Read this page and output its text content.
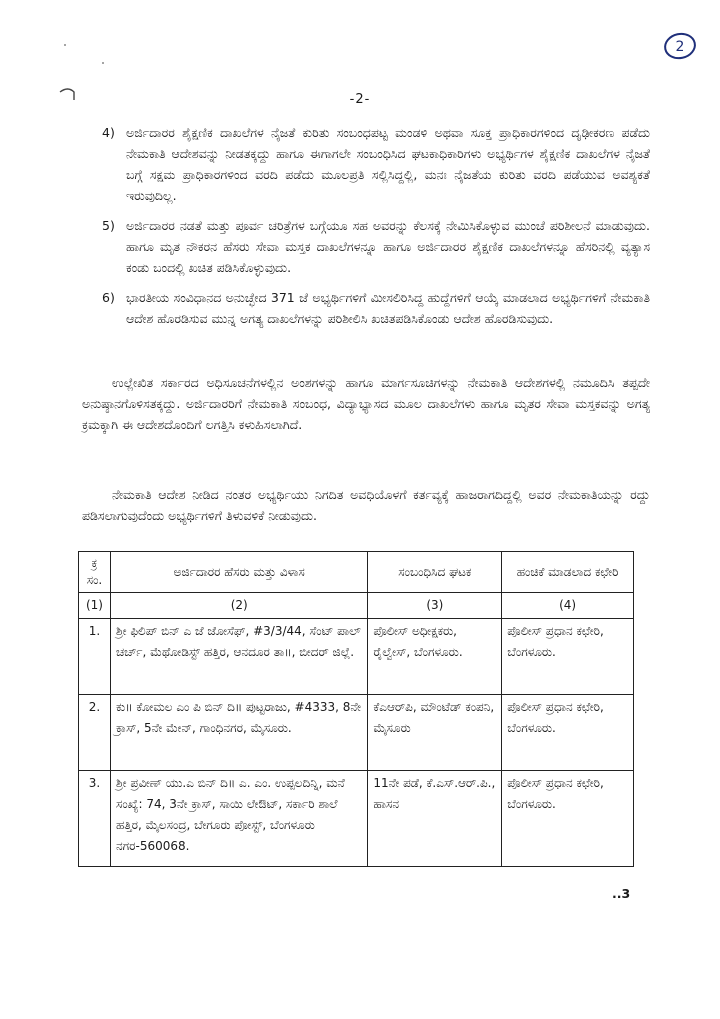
2
-2-
4) ಅರ್ಜಿದಾರರ ಶೈಕ್ಷಣಿಕ ದಾಖಲೆಗಳ ನೈಜತೆ ಕುರಿತು ಸಂಬಂಧಪಟ್ಟ ಮಂಡಳಿ ಅಥವಾ ಸೂಕ್ತ ಪ್ರಾಧಿಕಾರಗಳಿಂದ ದೃಢೀಕರಣ ಪಡೆದು ನೇಮಕಾತಿ ಆದೇಶವನ್ನು ನೀಡತಕ್ಕದ್ದು ಹಾಗೂ ಈಗಾಗಲೇ ಸಂಬಂಧಿಸಿದ ಘಟಕಾಧಿಕಾರಿಗಳು ಅಭ್ಯರ್ಥಿಗಳ ಶೈಕ್ಷಣಿಕ ದಾಖಲೆಗಳ ನೈಜತೆ ಬಗ್ಗೆ ಸಕ್ಷಮ ಪ್ರಾಧಿಕಾರಗಳಿಂದ ವರದಿ ಪಡೆದು ಮೂಲಪ್ರತಿ ಸಲ್ಲಿಸಿದ್ದಲ್ಲಿ, ಮನಃ ನೈಜತೆಯ ಕುರಿತು ವರದಿ ಪಡೆಯುವ ಅವಶ್ಯಕತೆ ಇರುವುದಿಲ್ಲ.
5) ಅರ್ಜಿದಾರರ ನಡತೆ ಮತ್ತು ಪೂರ್ವ ಚರಿತ್ರೆಗಳ ಬಗ್ಗೆಯೂ ಸಹ ಅವರನ್ನು ಕೆಲಸಕ್ಕೆ ನೇಮಿಸಿಕೊಳ್ಳುವ ಮುಂಚೆ ಪರಿಶೀಲನೆ ಮಾಡುವುದು. ಹಾಗೂ ಮೃತ ನೌಕರನ ಹೆಸರು ಸೇವಾ ಮಸ್ತಕ ದಾಖಲೆಗಳನ್ನೂ ಹಾಗೂ ಅರ್ಜಿದಾರರ ಶೈಕ್ಷಣಿಕ ದಾಖಲೆಗಳನ್ನೂ ಹೆಸರಿನಲ್ಲಿ ವ್ಯತ್ಯಾಸ ಕಂಡು ಬಂದಲ್ಲಿ ಖಚಿತ ಪಡಿಸಿಕೊಳ್ಳುವುದು.
6) ಭಾರತೀಯ ಸಂವಿಧಾನದ ಅನುಚ್ಛೇದ 371 ಜೆ ಅಭ್ಯರ್ಥಿಗಳಿಗೆ ಮೀಸಲಿರಿಸಿದ್ದ ಹುದ್ದೆಗಳಿಗೆ ಆಯ್ಕೆ ಮಾಡಲಾದ ಅಭ್ಯರ್ಥಿಗಳಿಗೆ ನೇಮಕಾತಿ ಆದೇಶ ಹೊರಡಿಸುವ ಮುನ್ನ ಅಗತ್ಯ ದಾಖಲೆಗಳನ್ನು ಪರಿಶೀಲಿಸಿ ಖಚಿತಪಡಿಸಿಕೊಂಡು ಆದೇಶ ಹೊರಡಿಸುವುದು.

ಉಲ್ಲೇಖಿತ ಸರ್ಕಾರದ ಅಧಿಸೂಚನೆಗಳಲ್ಲಿನ ಅಂಶಗಳನ್ನು ಹಾಗೂ ಮಾರ್ಗಸೂಚಿಗಳನ್ನು ನೇಮಕಾತಿ ಆದೇಶಗಳಲ್ಲಿ ನಮೂದಿಸಿ ತಪ್ಪದೇ ಅನುಷ್ಠಾನಗೊಳಿಸತಕ್ಕದ್ದು. ಅರ್ಜಿದಾರರಿಗೆ ನೇಮಕಾತಿ ಸಂಬಂಧ, ವಿದ್ಯಾಭ್ಯಾಸದ ಮೂಲ ದಾಖಲೆಗಳು ಹಾಗೂ ಮೃತರ ಸೇವಾ ಮಸ್ತಕವನ್ನು ಅಗತ್ಯ ಕ್ರಮಕ್ಕಾಗಿ ಈ ಆದೇಶದೊಂದಿಗೆ ಲಗತ್ತಿಸಿ ಕಳುಹಿಸಲಾಗಿದೆ.

ನೇಮಕಾತಿ ಆದೇಶ ನೀಡಿದ ನಂತರ ಅಭ್ಯರ್ಥಿಯು ನಿಗದಿತ ಅವಧಿಯೊಳಗೆ ಕರ್ತವ್ಯಕ್ಕೆ ಹಾಜರಾಗದಿದ್ದಲ್ಲಿ ಅವರ ನೇಮಕಾತಿಯನ್ನು ರದ್ದು ಪಡಿಸಲಾಗುವುದೆಂದು ಅಭ್ಯರ್ಥಿಗಳಿಗೆ ತಿಳುವಳಿಕೆ ನೀಡುವುದು.

ಕ್ರ ಸಂ.	ಅರ್ಜಿದಾರರ ಹೆಸರು ಮತ್ತು ವಿಳಾಸ	ಸಂಬಂಧಿಸಿದ ಘಟಕ	ಹಂಚಿಕೆ ಮಾಡಲಾದ ಕಛೇರಿ
(1)	(2)	(3)	(4)
1.	ಶ್ರೀ ಫಿಲಿಪ್ ಬಿನ್ ಎ ಜೆ ಜೋಸೆಫ್, #3/3/44, ಸೆಂಟ್ ಪಾಲ್ ಚರ್ಚ್, ಮೆಥೋಡಿಸ್ಟ್ ಹತ್ತಿರ, ಆನದೂರ ತಾ॥, ಬೀದರ್ ಜಿಲ್ಲೆ.	ಪೊಲೀಸ್ ಅಧೀಕ್ಷಕರು, ರೈಲ್ವೇಸ್, ಬೆಂಗಳೂರು.	ಪೊಲೀಸ್ ಪ್ರಧಾನ ಕಛೇರಿ, ಬೆಂಗಳೂರು.
2.	ಕು॥ ಕೋಮಲ ಎಂ ಪಿ ಬಿನ್ ದಿ॥ ಪುಟ್ಟರಾಜು, #4333, 8ನೇ ಕ್ರಾಸ್, 5ನೇ ಮೇನ್, ಗಾಂಧಿನಗರ, ಮೈಸೂರು.	ಕೆಎಆರ್‌ಪಿ, ಮೌಂಟೆಡ್ ಕಂಪನಿ, ಮೈಸೂರು	ಪೊಲೀಸ್ ಪ್ರಧಾನ ಕಛೇರಿ, ಬೆಂಗಳೂರು.
3.	ಶ್ರೀ ಪ್ರವೀಣ್ ಯು.ಎ ಬಿನ್ ದಿ॥ ಎ. ಎಂ. ಉಪ್ಪಲದಿನ್ನಿ, ಮನೆ ಸಂಖ್ಯೆ: 74, 3ನೇ ಕ್ರಾಸ್, ಸಾಯಿ ಲೇಔಟ್, ಸರ್ಕಾರಿ ಶಾಲೆ ಹತ್ತಿರ, ಮೈಲಸಂದ್ರ, ಬೇಗೂರು ಪೋಸ್ಟ್, ಬೆಂಗಳೂರು ನಗರ-560068.	11ನೇ ಪಡೆ, ಕೆ.ಎಸ್.ಆರ್.ಪಿ., ಹಾಸನ	ಪೊಲೀಸ್ ಪ್ರಧಾನ ಕಛೇರಿ, ಬೆಂಗಳೂರು.
..3
